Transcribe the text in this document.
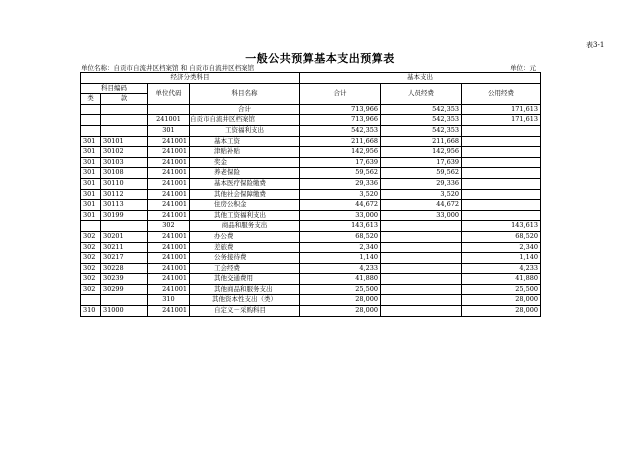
表3-1
一般公共预算基本支出预算表
单位名称：自贡市自流井区档案馆 和 自贡市自流井区档案馆	单位：元
经济分类科目				基本支出		
科目编码		单位代码	科目名称	合计	人员经费	公用经费
类	款					
			合计	713,966	542,353	171,613
		241001	自贡市自流井区档案馆	713,966	542,353	171,613
		301	工资福利支出	542,353	542,353	
301	30101	241001	基本工资	211,668	211,668	
301	30102	241001	津贴补贴	142,956	142,956	
301	30103	241001	奖金	17,639	17,639	
301	30108	241001	养老保险	59,562	59,562	
301	30110	241001	基本医疗保险缴费	29,336	29,336	
301	30112	241001	其他社会保障缴费	3,520	3,520	
301	30113	241001	住房公积金	44,672	44,672	
301	30199	241001	其他工资福利支出	33,000	33,000	
		302	商品和服务支出	143,613		143,613
302	30201	241001	办公费	68,520		68,520
302	30211	241001	差旅费	2,340		2,340
302	30217	241001	公务接待费	1,140		1,140
302	30228	241001	工会经费	4,233		4,233
302	30239	241001	其他交通费用	41,880		41,880
302	30299	241001	其他商品和服务支出	25,500		25,500
		310	其他资本性支出（类）	28,000		28,000
310	31000	241001	自定义－采购科目	28,000		28,000
